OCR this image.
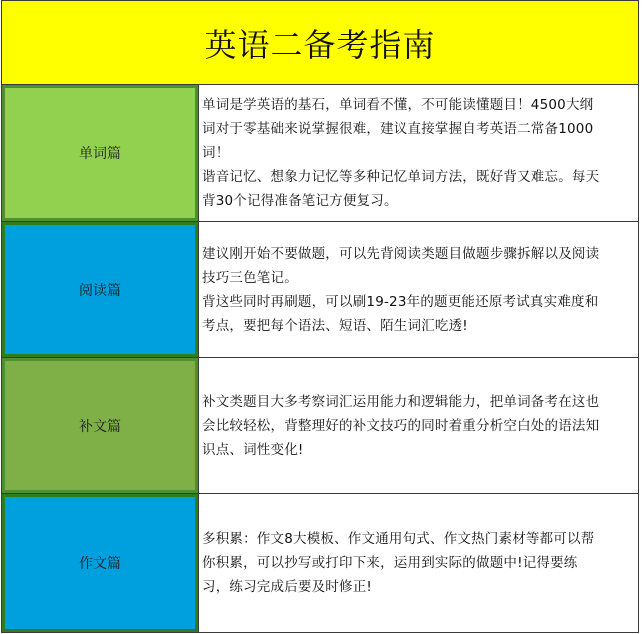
英语二备考指南
单词篇

单词是学英语的基石，单词看不懂，不可能读懂题目！4500大纲
词对于零基础来说掌握很难，建议直接掌握自考英语二常备1000
词！
谐音记忆、想象力记忆等多种记忆单词方法，既好背又难忘。每天
背30个记得准备笔记方便复习。

阅读篇

建议刚开始不要做题，可以先背阅读类题目做题步骤拆解以及阅读
技巧三色笔记。
背这些同时再刷题，可以刷19-23年的题更能还原考试真实难度和
考点，要把每个语法、短语、陌生词汇吃透!

补文篇

补文类题目大多考察词汇运用能力和逻辑能力，把单词备考在这也
会比较轻松，背整理好的补文技巧的同时着重分析空白处的语法知
识点、词性变化!

作文篇

多积累：作文8大模板、作文通用句式、作文热门素材等都可以帮
你积累，可以抄写或打印下来，运用到实际的做题中!记得要练
习，练习完成后要及时修正!
